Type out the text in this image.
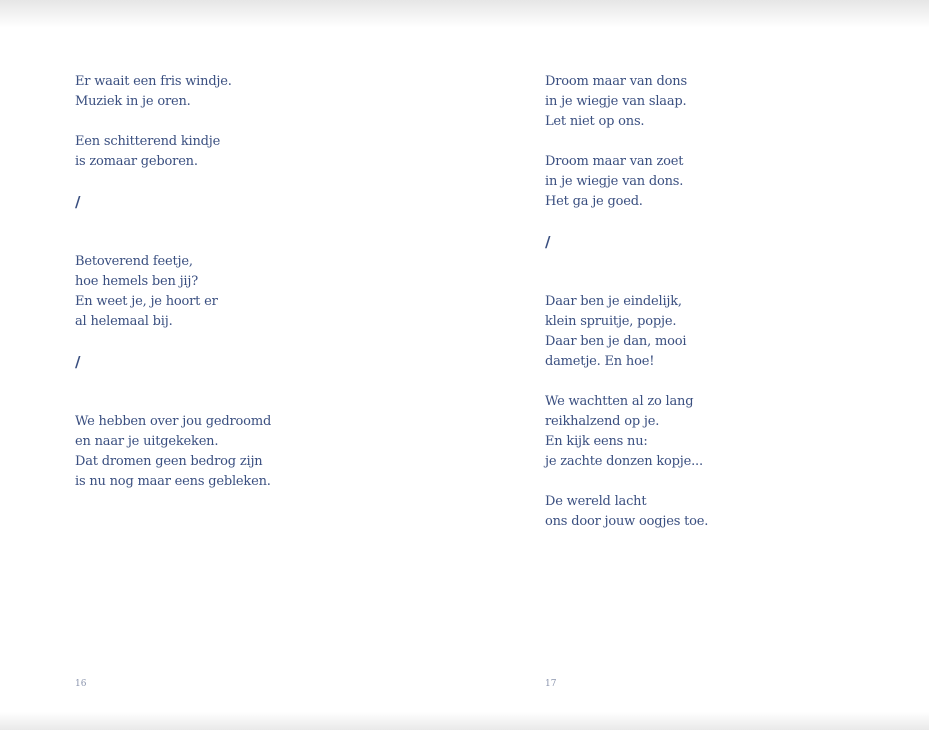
Er waait een fris windje.
Muziek in je oren.
Een schitterend kindje
is zomaar geboren.
/
Betoverend feetje,
hoe hemels ben jij?
En weet je, je hoort er
al helemaal bij.
/
We hebben over jou gedroomd
en naar je uitgekeken.
Dat dromen geen bedrog zijn
is nu nog maar eens gebleken.
16
Droom maar van dons
in je wiegje van slaap.
Let niet op ons.
Droom maar van zoet
in je wiegje van dons.
Het ga je goed.
/
Daar ben je eindelijk,
klein spruitje, popje.
Daar ben je dan, mooi
dametje. En hoe!
We wachtten al zo lang
reikhalzend op je.
En kijk eens nu:
je zachte donzen kopje...
De wereld lacht
ons door jouw oogjes toe.
17
